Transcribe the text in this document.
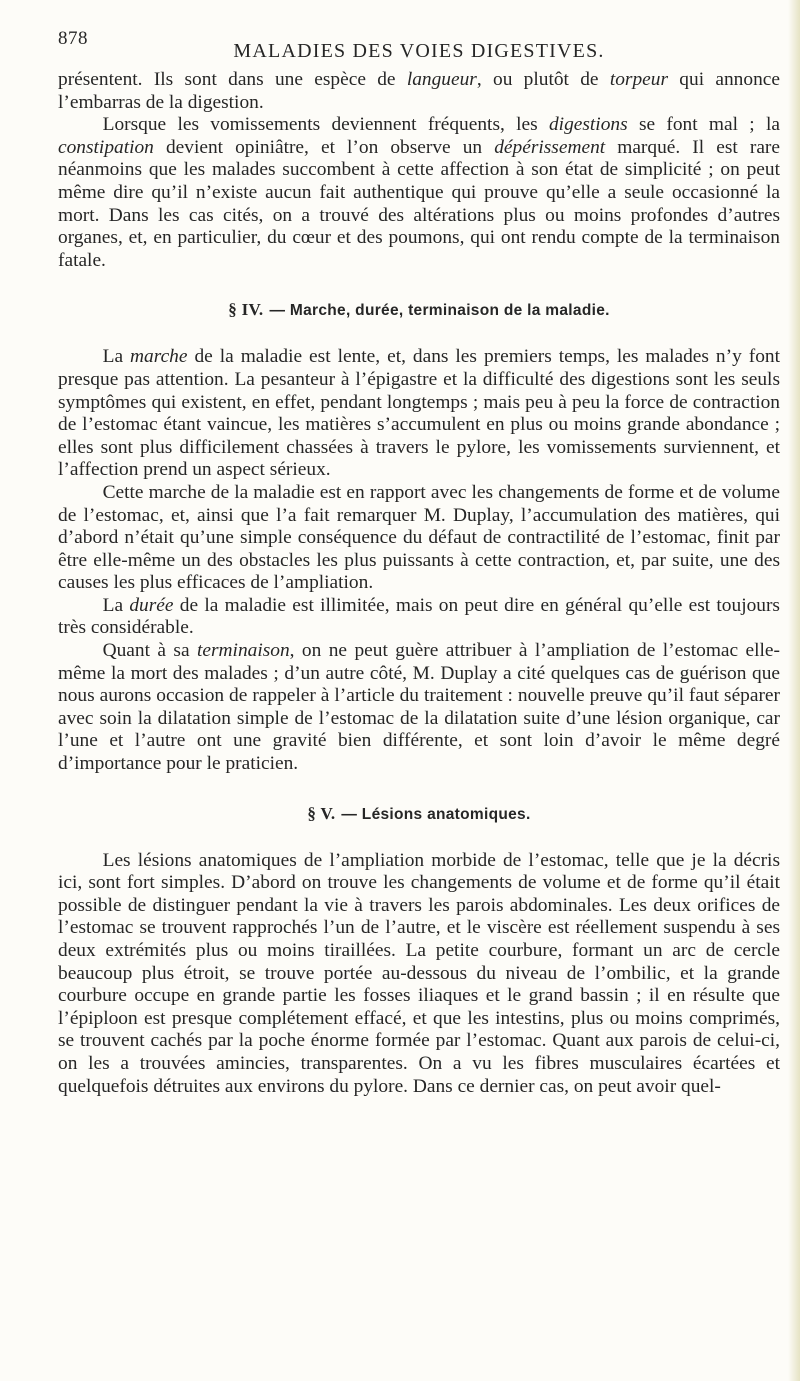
878
MALADIES DES VOIES DIGESTIVES.

présentent. Ils sont dans une espèce de langueur, ou plutôt de torpeur qui annonce l’embarras de la digestion.

Lorsque les vomissements deviennent fréquents, les digestions se font mal ; la constipation devient opiniâtre, et l’on observe un dépérissement marqué. Il est rare néanmoins que les malades succombent à cette affection à son état de simplicité ; on peut même dire qu’il n’existe aucun fait authentique qui prouve qu’elle a seule occasionné la mort. Dans les cas cités, on a trouvé des altérations plus ou moins profondes d’autres organes, et, en particulier, du cœur et des poumons, qui ont rendu compte de la terminaison fatale.

§ IV. — Marche, durée, terminaison de la maladie.

La marche de la maladie est lente, et, dans les premiers temps, les malades n’y font presque pas attention. La pesanteur à l’épigastre et la difficulté des digestions sont les seuls symptômes qui existent, en effet, pendant longtemps ; mais peu à peu la force de contraction de l’estomac étant vaincue, les matières s’accumulent en plus ou moins grande abondance ; elles sont plus difficilement chassées à travers le pylore, les vomissements surviennent, et l’affection prend un aspect sérieux.

Cette marche de la maladie est en rapport avec les changements de forme et de volume de l’estomac, et, ainsi que l’a fait remarquer M. Duplay, l’accumulation des matières, qui d’abord n’était qu’une simple conséquence du défaut de contractilité de l’estomac, finit par être elle-même un des obstacles les plus puissants à cette contraction, et, par suite, une des causes les plus efficaces de l’ampliation.

La durée de la maladie est illimitée, mais on peut dire en général qu’elle est toujours très considérable.

Quant à sa terminaison, on ne peut guère attribuer à l’ampliation de l’estomac elle-même la mort des malades ; d’un autre côté, M. Duplay a cité quelques cas de guérison que nous aurons occasion de rappeler à l’article du traitement : nouvelle preuve qu’il faut séparer avec soin la dilatation simple de l’estomac de la dilatation suite d’une lésion organique, car l’une et l’autre ont une gravité bien différente, et sont loin d’avoir le même degré d’importance pour le praticien.

§ V. — Lésions anatomiques.

Les lésions anatomiques de l’ampliation morbide de l’estomac, telle que je la décris ici, sont fort simples. D’abord on trouve les changements de volume et de forme qu’il était possible de distinguer pendant la vie à travers les parois abdominales. Les deux orifices de l’estomac se trouvent rapprochés l’un de l’autre, et le viscère est réellement suspendu à ses deux extrémités plus ou moins tiraillées. La petite courbure, formant un arc de cercle beaucoup plus étroit, se trouve portée au-dessous du niveau de l’ombilic, et la grande courbure occupe en grande partie les fosses iliaques et le grand bassin ; il en résulte que l’épiploon est presque complétement effacé, et que les intestins, plus ou moins comprimés, se trouvent cachés par la poche énorme formée par l’estomac. Quant aux parois de celui-ci, on les a trouvées amincies, transparentes. On a vu les fibres musculaires écartées et quelquefois détruites aux environs du pylore. Dans ce dernier cas, on peut avoir quel-
